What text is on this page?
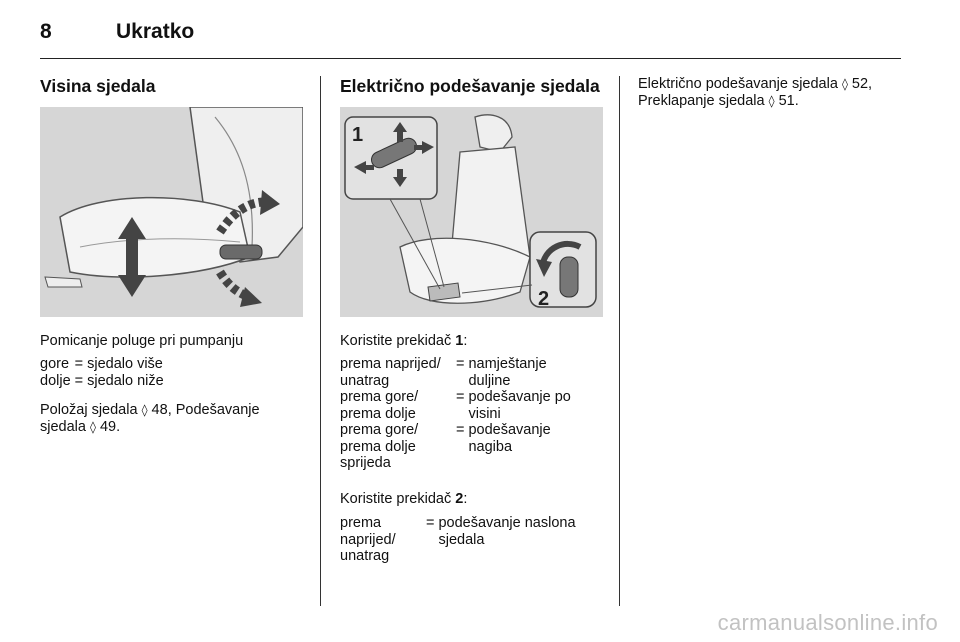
8	Ukratko
Visina sjedala
Pomicanje poluge pri pumpanju
gore	=	sjedalo više
dolje	=	sjedalo niže
Položaj sjedala ◊ 48, Podešavanje sjedala ◊ 49.
Električno podešavanje sjedala
1
2
Koristite prekidač 1:
prema naprijed/ unatrag	=	namještanje duljine
prema gore/ prema dolje	=	podešavanje po visini
prema gore/ prema dolje sprijeda	=	podešavanje nagiba
Koristite prekidač 2:
prema naprijed/ unatrag	=	podešavanje naslona sjedala
Električno podešavanje sjedala ◊ 52, Preklapanje sjedala ◊ 51.
carmanualsonline.info
